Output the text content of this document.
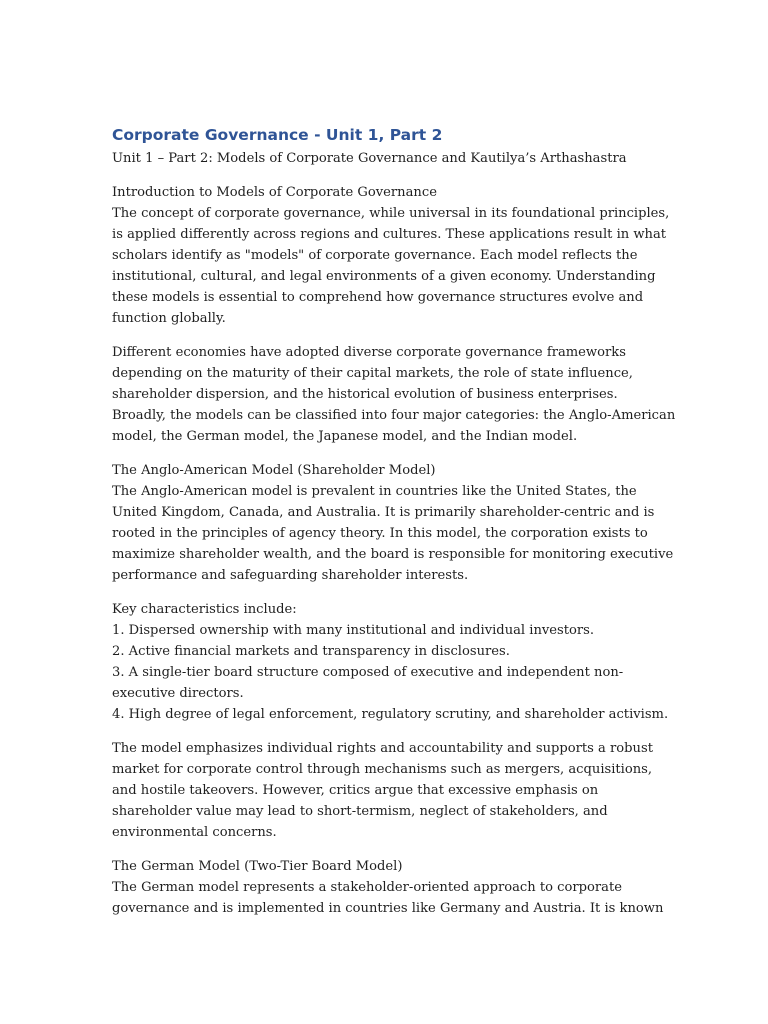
Corporate Governance - Unit 1, Part 2
Unit 1 – Part 2: Models of Corporate Governance and Kautilya’s Arthashastra
Introduction to Models of Corporate Governance
The concept of corporate governance, while universal in its foundational principles,
is applied differently across regions and cultures. These applications result in what
scholars identify as "models" of corporate governance. Each model reflects the
institutional, cultural, and legal environments of a given economy. Understanding
these models is essential to comprehend how governance structures evolve and
function globally.
Different economies have adopted diverse corporate governance frameworks
depending on the maturity of their capital markets, the role of state influence,
shareholder dispersion, and the historical evolution of business enterprises.
Broadly, the models can be classified into four major categories: the Anglo-American
model, the German model, the Japanese model, and the Indian model.
The Anglo-American Model (Shareholder Model)
The Anglo-American model is prevalent in countries like the United States, the
United Kingdom, Canada, and Australia. It is primarily shareholder-centric and is
rooted in the principles of agency theory. In this model, the corporation exists to
maximize shareholder wealth, and the board is responsible for monitoring executive
performance and safeguarding shareholder interests.
Key characteristics include:
1. Dispersed ownership with many institutional and individual investors.
2. Active financial markets and transparency in disclosures.
3. A single-tier board structure composed of executive and independent non-
executive directors.
4. High degree of legal enforcement, regulatory scrutiny, and shareholder activism.
The model emphasizes individual rights and accountability and supports a robust
market for corporate control through mechanisms such as mergers, acquisitions,
and hostile takeovers. However, critics argue that excessive emphasis on
shareholder value may lead to short-termism, neglect of stakeholders, and
environmental concerns.
The German Model (Two-Tier Board Model)
The German model represents a stakeholder-oriented approach to corporate
governance and is implemented in countries like Germany and Austria. It is known
